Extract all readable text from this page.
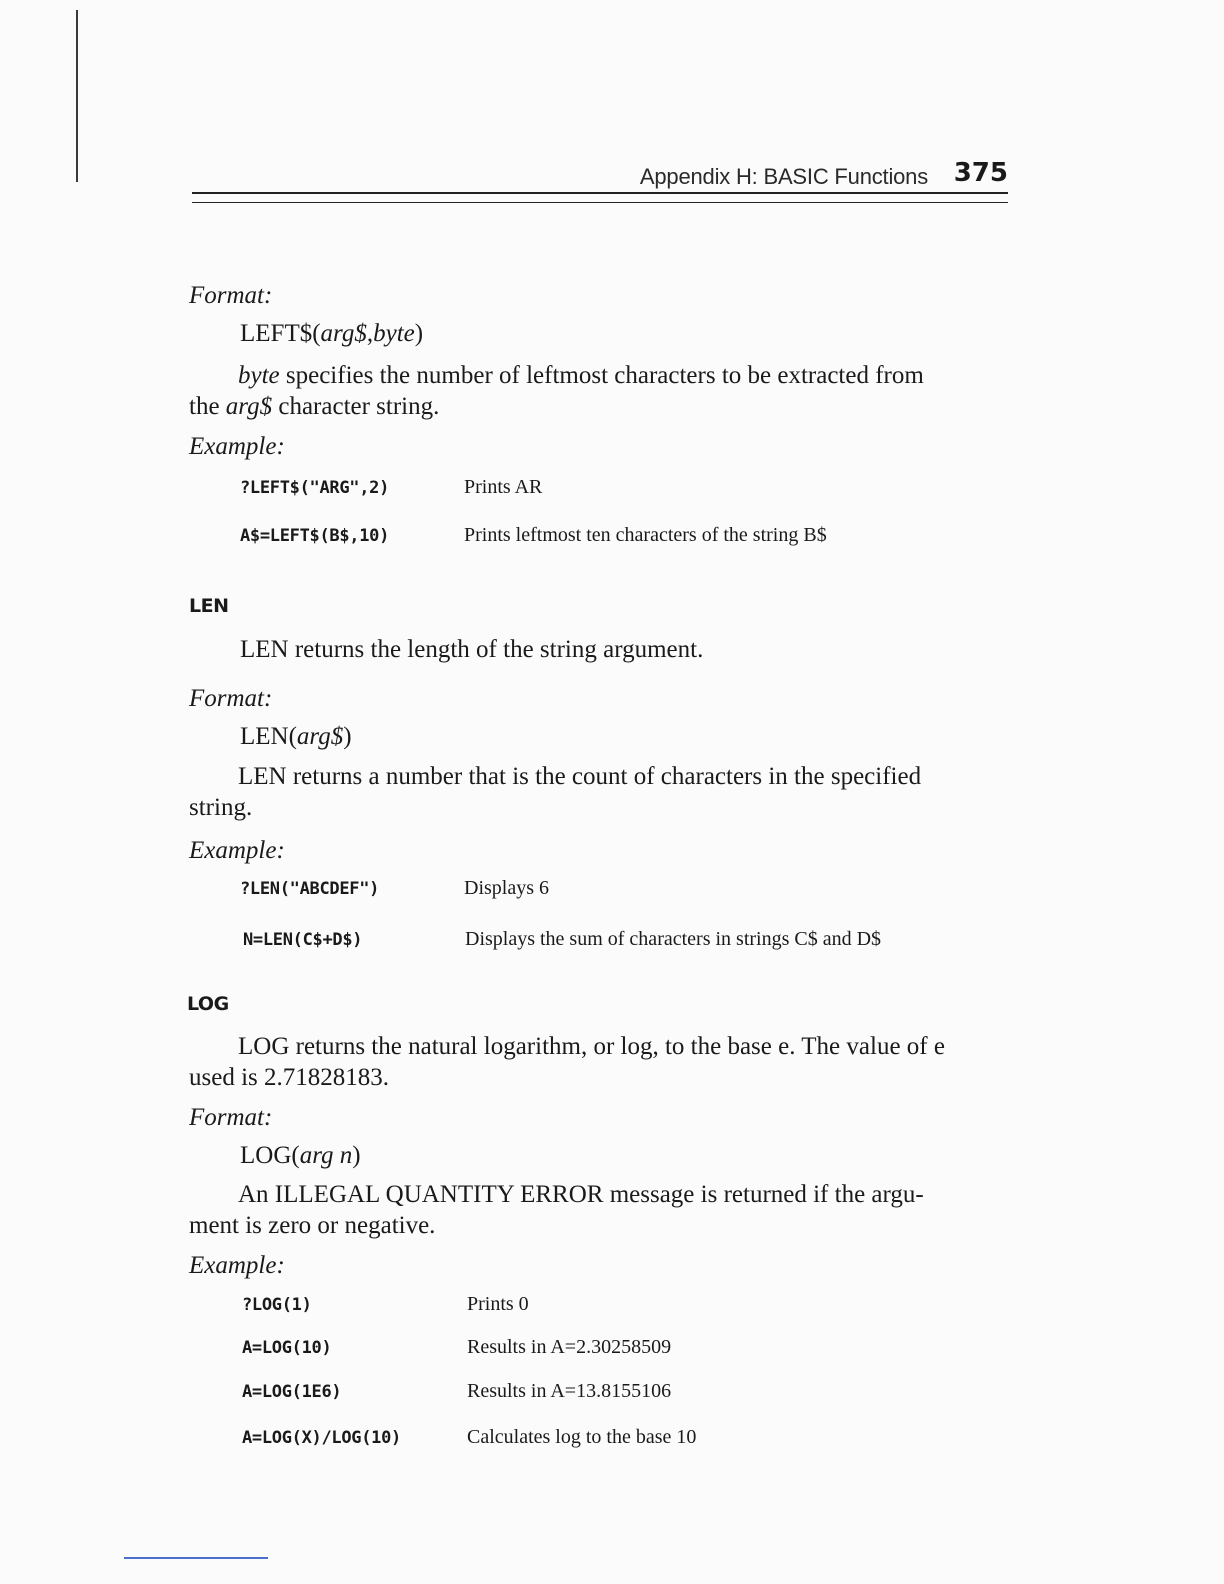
Appendix H: BASIC Functions 375
Format:
LEFT$(arg$,byte)
byte specifies the number of leftmost characters to be extracted from
the arg$ character string.
Example:
?LEFT$("ARG",2)	Prints AR
A$=LEFT$(B$,10)	Prints leftmost ten characters of the string B$
LEN
LEN returns the length of the string argument.
Format:
LEN(arg$)
LEN returns a number that is the count of characters in the specified
string.
Example:
?LEN("ABCDEF")	Displays 6
N=LEN(C$+D$)	Displays the sum of characters in strings C$ and D$
LOG
LOG returns the natural logarithm, or log, to the base e. The value of e
used is 2.71828183.
Format:
LOG(arg n)
An ILLEGAL QUANTITY ERROR message is returned if the argu-
ment is zero or negative.
Example:
?LOG(1)	Prints 0
A=LOG(10)	Results in A=2.30258509
A=LOG(1E6)	Results in A=13.8155106
A=LOG(X)/LOG(10)	Calculates log to the base 10
